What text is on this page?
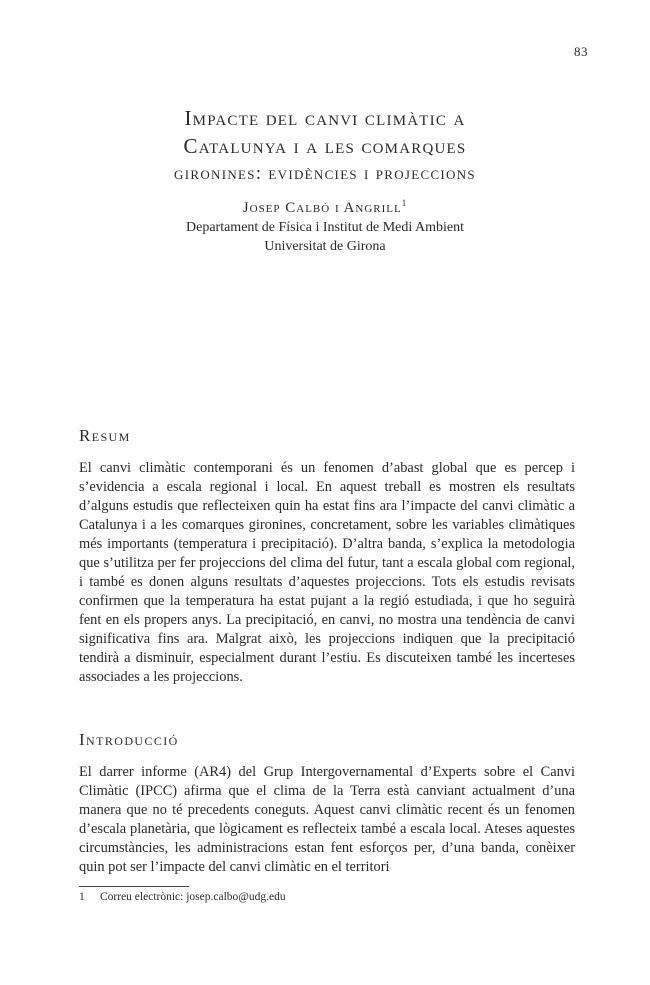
83

Impacte del canvi climàtic a

Catalunya i a les comarques

gironines: evidències i projeccions

Josep Calbó i Angrill$^1$
Departament de Física i Institut de Medi Ambient
Universitat de Girona
Resum

El canvi climàtic contemporani és un fenomen d’abast global que es percep i s’evidencia a escala regional i local. En aquest treball es mostren els resultats d’alguns estudis que reflecteixen quin ha estat fins ara l’impacte del canvi climàtic a Catalunya i a les comarques gironines, concretament, sobre les variables climàtiques més importants (temperatura i precipitació). D’altra banda, s’explica la metodologia que s’utilitza per fer projeccions del clima del futur, tant a escala global com regional, i també es donen alguns resultats d’aquestes projeccions. Tots els estudis revisats confirmen que la temperatura ha estat pujant a la regió estudiada, i que ho seguirà fent en els propers anys. La precipitació, en canvi, no mostra una tendència de canvi significativa fins ara. Malgrat això, les projeccions indiquen que la precipitació tendirà a disminuir, especialment durant l’estiu. Es discuteixen també les incerteses associades a les projeccions.

Introducció

El darrer informe (AR4) del Grup Intergovernamental d’Experts sobre el Canvi Climàtic (IPCC) afirma que el clima de la Terra està canviant actualment d’una manera que no té precedents coneguts. Aquest canvi climàtic recent és un fenomen d’escala planetària, que lògicament es reflecteix també a escala local. Ateses aquestes circumstàncies, les administracions estan fent esforços per, d’una banda, conèixer quin pot ser l’impacte del canvi climàtic en el territori

1 Correu electrònic: josep.calbo@udg.edu
